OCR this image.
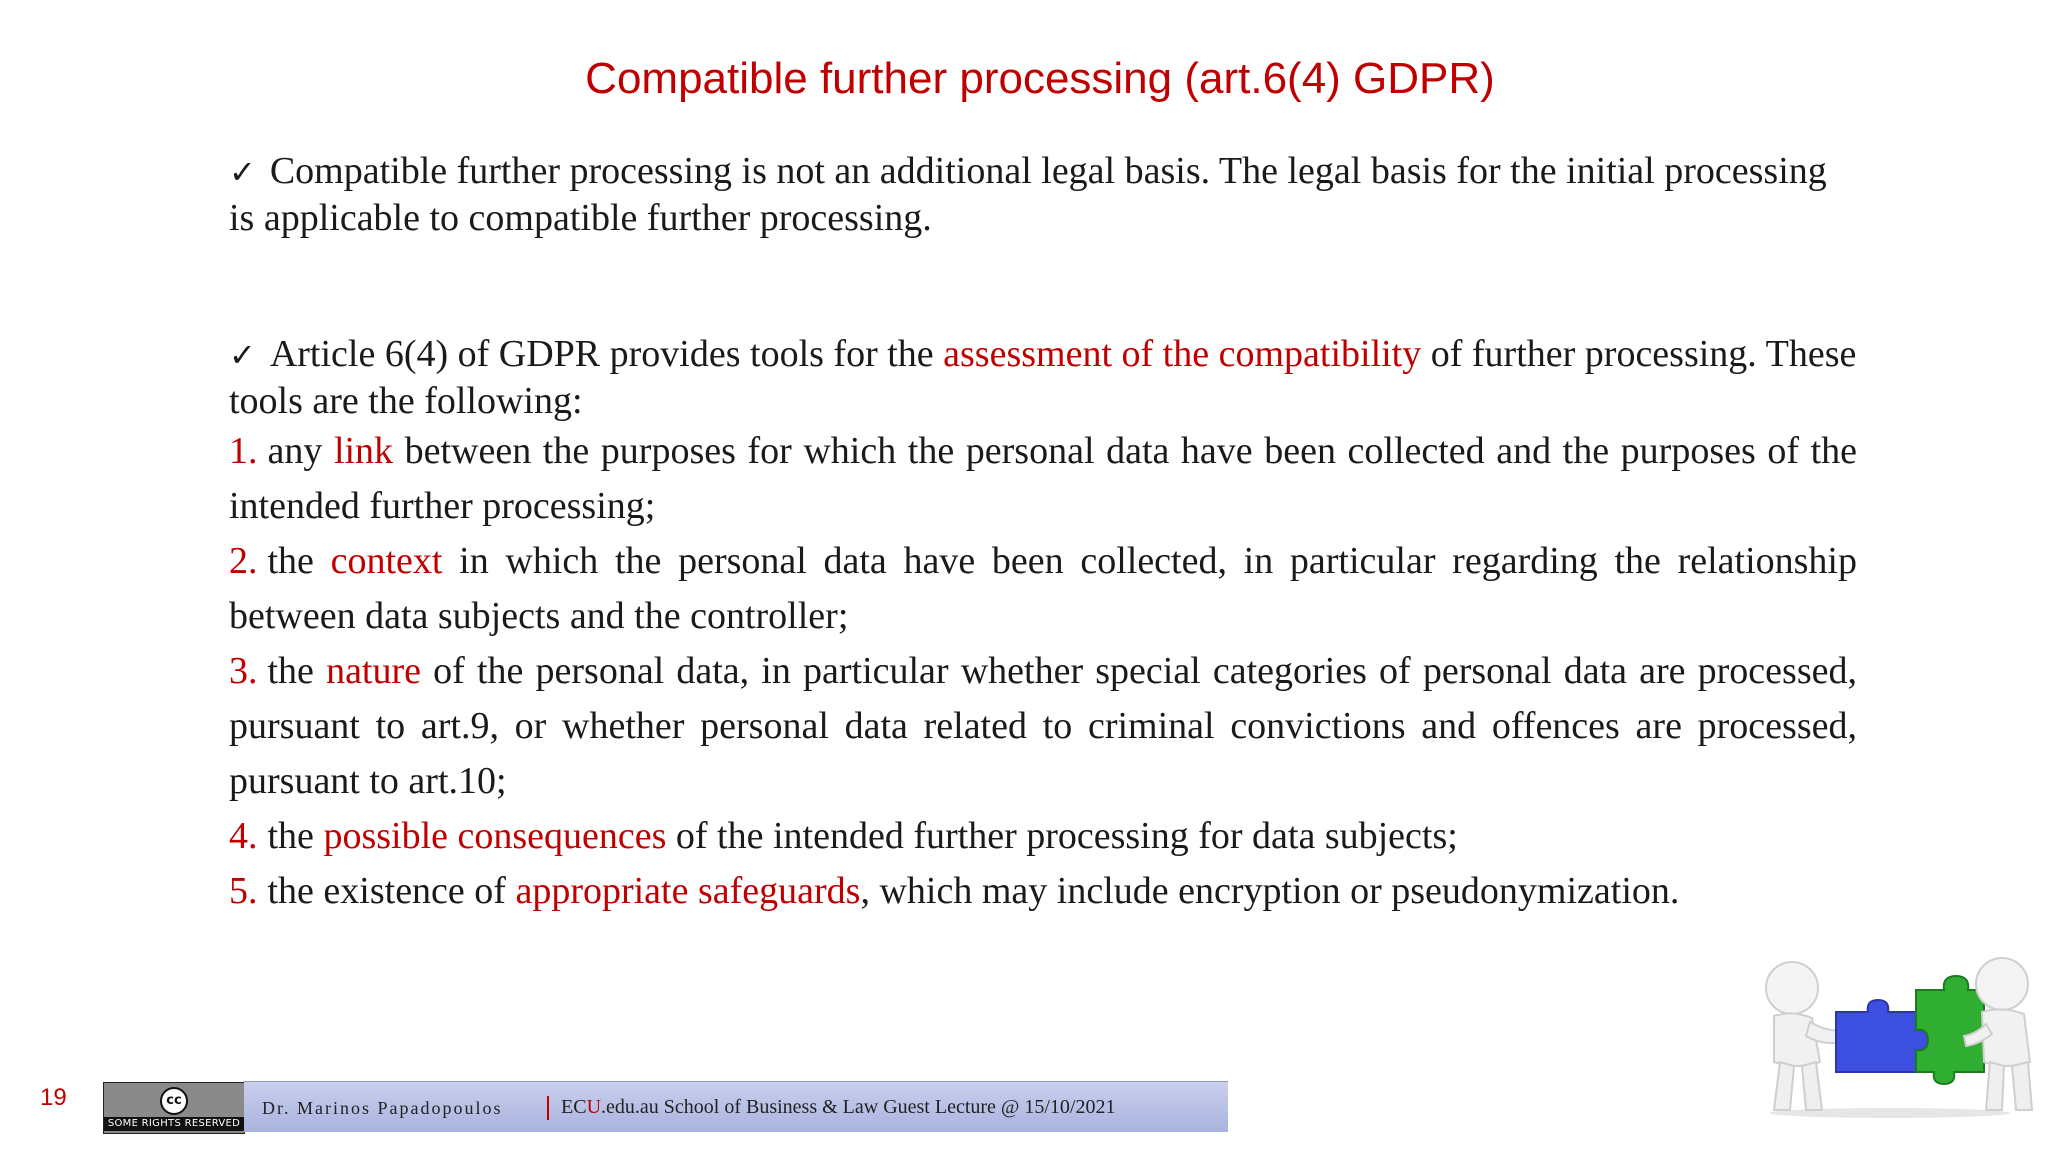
Compatible further processing (art.6(4) GDPR)
✓ Compatible further processing is not an additional legal basis. The legal basis for the initial processing is applicable to compatible further processing.
✓ Article 6(4) of GDPR provides tools for the assessment of the compatibility of further processing. These tools are the following:
1. any link between the purposes for which the personal data have been collected and the purposes of the intended further processing;
2. the context in which the personal data have been collected, in particular regarding the relationship between data subjects and the controller;
3. the nature of the personal data, in particular whether special categories of personal data are processed, pursuant to art.9, or whether personal data related to criminal convictions and offences are processed, pursuant to art.10;
4. the possible consequences of the intended further processing for data subjects;
5. the existence of appropriate safeguards, which may include encryption or pseudonymization.
19	cc
SOME RIGHTS RESERVED
Dr. Marinos Papadopoulos	ECU.edu.au School of Business & Law Guest Lecture @ 15/10/2021
